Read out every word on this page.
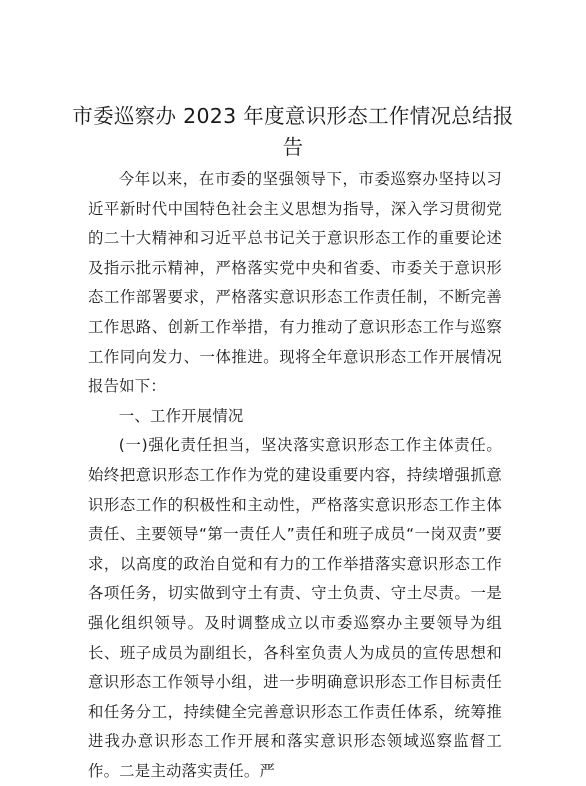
市委巡察办 2023 年度意识形态工作情况总结报告

今年以来，在市委的坚强领导下，市委巡察办坚持以习近平新时代中国特色社会主义思想为指导，深入学习贯彻党的二十大精神和习近平总书记关于意识形态工作的重要论述及指示批示精神，严格落实党中央和省委、市委关于意识形态工作部署要求，严格落实意识形态工作责任制，不断完善工作思路、创新工作举措，有力推动了意识形态工作与巡察工作同向发力、一体推进。现将全年意识形态工作开展情况报告如下：

一、工作开展情况

(一)强化责任担当，坚决落实意识形态工作主体责任。始终把意识形态工作作为党的建设重要内容，持续增强抓意识形态工作的积极性和主动性，严格落实意识形态工作主体责任、主要领导“第一责任人”责任和班子成员“一岗双责”要求，以高度的政治自觉和有力的工作举措落实意识形态工作各项任务，切实做到守土有责、守土负责、守土尽责。一是强化组织领导。及时调整成立以市委巡察办主要领导为组长、班子成员为副组长，各科室负责人为成员的宣传思想和意识形态工作领导小组，进一步明确意识形态工作目标责任和任务分工，持续健全完善意识形态工作责任体系，统筹推进我办意识形态工作开展和落实意识形态领域巡察监督工作。二是主动落实责任。严
